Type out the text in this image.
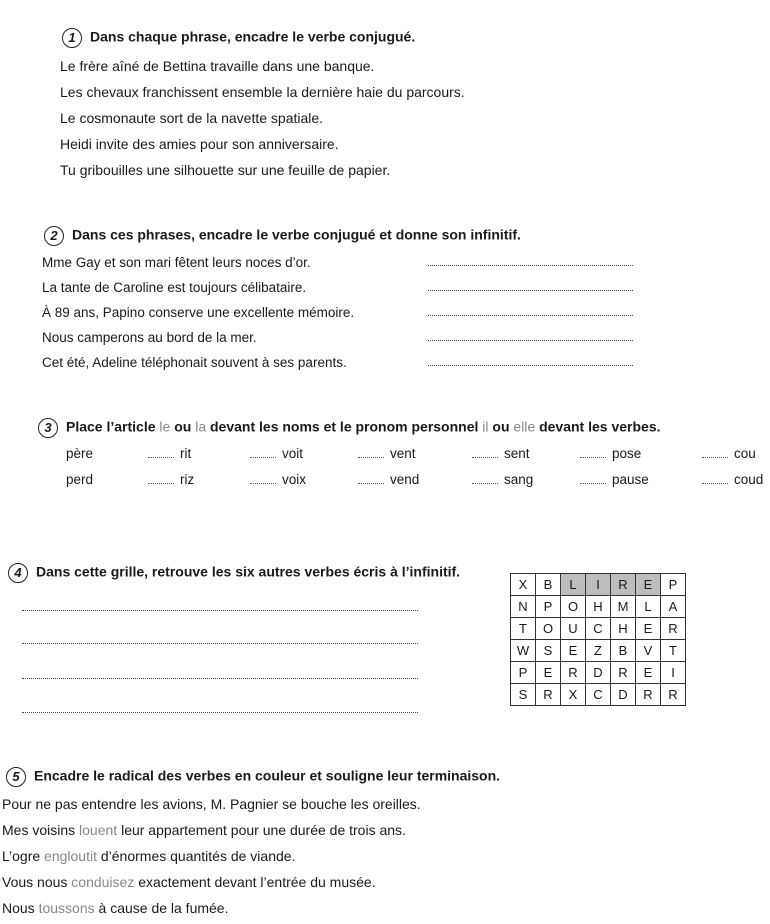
1 Dans chaque phrase, encadre le verbe conjugué.
Le frère aîné de Bettina travaille dans une banque.
Les chevaux franchissent ensemble la dernière haie du parcours.
Le cosmonaute sort de la navette spatiale.
Heidi invite des amies pour son anniversaire.
Tu gribouilles une silhouette sur une feuille de papier.
2 Dans ces phrases, encadre le verbe conjugué et donne son infinitif.
Mme Gay et son mari fêtent leurs noces d’or.
La tante de Caroline est toujours célibataire.
À 89 ans, Papino conserve une excellente mémoire.
Nous camperons au bord de la mer.
Cet été, Adeline téléphonait souvent à ses parents.
3 Place l’article le ou la devant les noms et le pronom personnel il ou elle devant les verbes.
père	rit	voit	vent	sent	pose	cou
perd	riz	voix	vend	sang	pause	coud
4 Dans cette grille, retrouve les six autres verbes écris à l’infinitif.
X	B	L	I	R	E	P
N	P	O	H	M	L	A
T	O	U	C	H	E	R
W	S	E	Z	B	V	T
P	E	R	D	R	E	I
S	R	X	C	D	R	R
5 Encadre le radical des verbes en couleur et souligne leur terminaison.
Pour ne pas entendre les avions, M. Pagnier se bouche les oreilles.
Mes voisins louent leur appartement pour une durée de trois ans.
L’ogre engloutit d’énormes quantités de viande.
Vous nous conduisez exactement devant l’entrée du musée.
Nous toussons à cause de la fumée.
